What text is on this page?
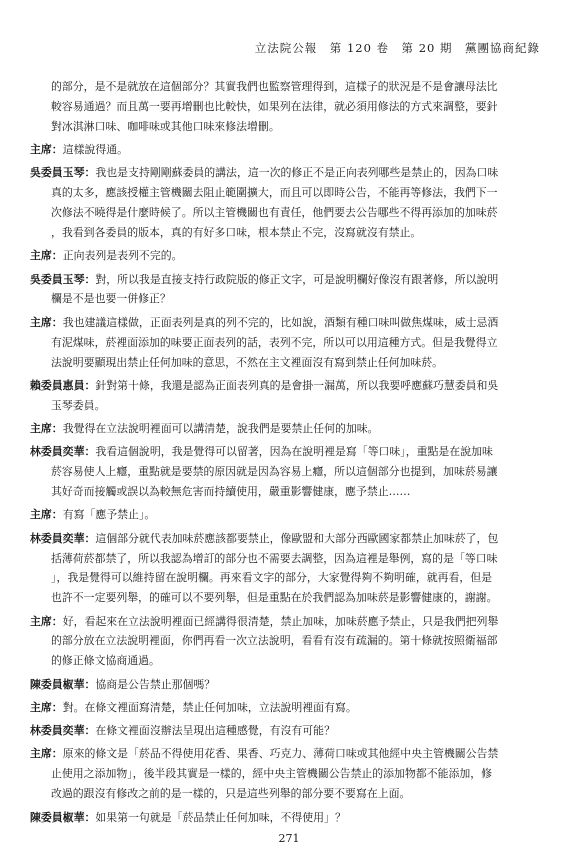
立法院公報　第 120 卷　第 20 期　黨團協商紀錄
的部分，是不是就放在這個部分？其實我們也監察管理得到，這樣子的狀況是不是會讓母法比
較容易通過？而且萬一要再增刪也比較快，如果列在法律，就必須用修法的方式來調整，要針
對冰淇淋口味、咖啡味或其他口味來修法增刪。
主席：這樣說得通。
吳委員玉琴：我也是支持剛剛蘇委員的講法，這一次的修正不是正向表列哪些是禁止的，因為口味
真的太多，應該授權主管機關去阻止範圍擴大，而且可以即時公告，不能再等修法，我們下一
次修法不曉得是什麼時候了。所以主管機關也有責任，他們要去公告哪些不得再添加的加味菸
，我看到各委員的版本，真的有好多口味，根本禁止不完，沒寫就沒有禁止。
主席：正向表列是表列不完的。
吳委員玉琴：對，所以我是直接支持行政院版的修正文字，可是說明欄好像沒有跟著修，所以說明
欄是不是也要一併修正？
主席：我也建議這樣做，正面表列是真的列不完的，比如說，酒類有種口味叫做焦煤味，威士忌酒
有泥煤味，菸裡面添加的味要正面表列的話，表列不完，所以可以用這種方式。但是我覺得立
法說明要顯現出禁止任何加味的意思，不然在主文裡面沒有寫到禁止任何加味菸。
賴委員惠員：針對第十條，我還是認為正面表列真的是會掛一漏萬，所以我要呼應蘇巧慧委員和吳
玉琴委員。
主席：我覺得在立法說明裡面可以講清楚，說我們是要禁止任何的加味。
林委員奕華：我看這個說明，我是覺得可以留著，因為在說明裡是寫「等口味」，重點是在說加味
菸容易使人上癮，重點就是要禁的原因就是因為容易上癮，所以這個部分也提到，加味菸易讓
其好奇而接觸或誤以為較無危害而持續使用，嚴重影響健康，應予禁止……
主席：有寫「應予禁止」。
林委員奕華：這個部分就代表加味菸應該都要禁止，像歐盟和大部分西歐國家都禁止加味菸了，包
括薄荷菸都禁了，所以我認為增訂的部分也不需要去調整，因為這裡是舉例，寫的是「等口味
」，我是覺得可以維持留在說明欄。再來看文字的部分，大家覺得夠不夠明確，就再看，但是
也許不一定要列舉，的確可以不要列舉，但是重點在於我們認為加味菸是影響健康的，謝謝。
主席：好，看起來在立法說明裡面已經講得很清楚，禁止加味，加味菸應予禁止，只是我們把列舉
的部分放在立法說明裡面，你們再看一次立法說明，看看有沒有疏漏的。第十條就按照衛福部
的修正條文協商通過。
陳委員椒華：協商是公告禁止那個嗎？
主席：對。在條文裡面寫清楚，禁止任何加味，立法說明裡面有寫。
林委員奕華：在條文裡面沒辦法呈現出這種感覺，有沒有可能？
主席：原來的條文是「菸品不得使用花香、果香、巧克力、薄荷口味或其他經中央主管機關公告禁
止使用之添加物」，後半段其實是一樣的，經中央主管機關公告禁止的添加物都不能添加，修
改過的跟沒有修改之前的是一樣的，只是這些列舉的部分要不要寫在上面。
陳委員椒華：如果第一句就是「菸品禁止任何加味，不得使用」？
271
